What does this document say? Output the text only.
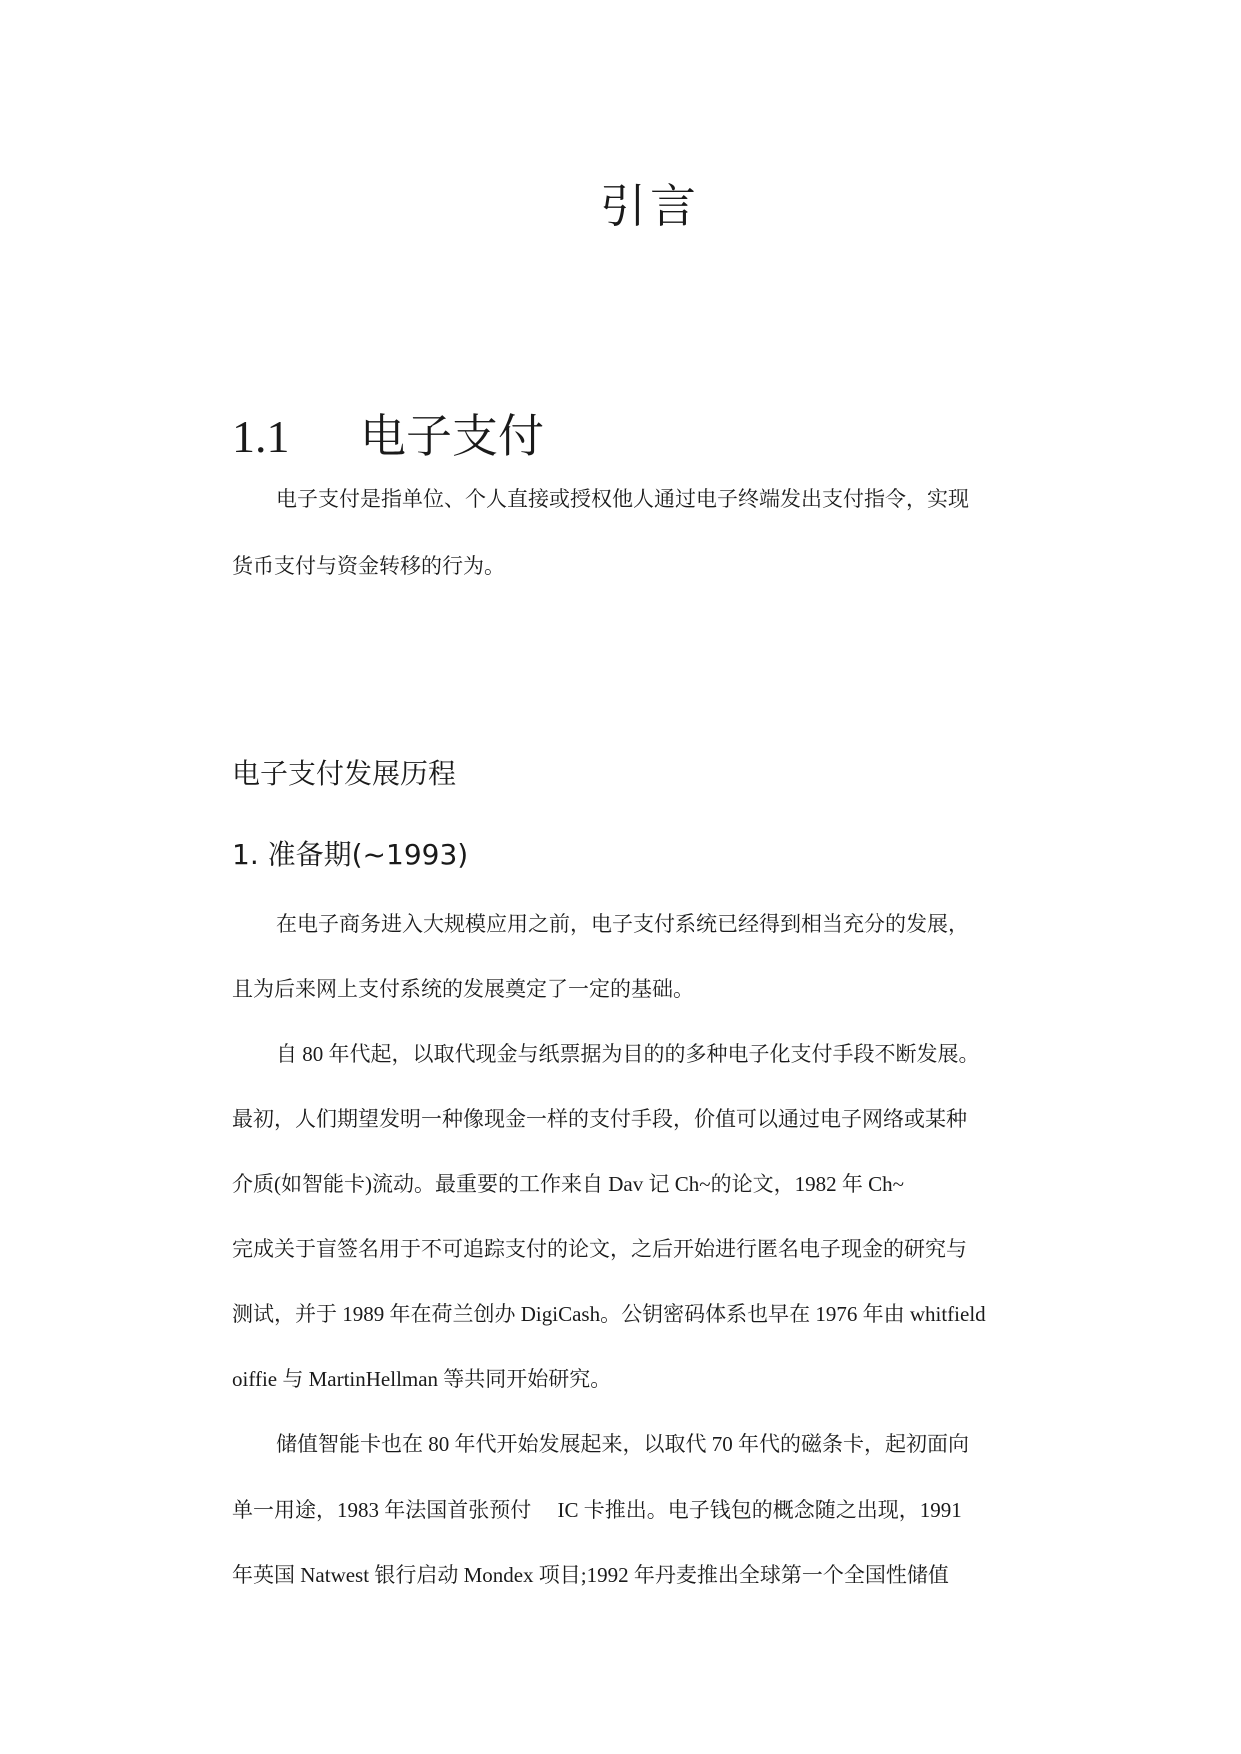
引言
1.1 电子支付
电子支付是指单位、个人直接或授权他人通过电子终端发出支付指令，实现
货币支付与资金转移的行为。
电子支付发展历程
1. 准备期(~1993)
在电子商务进入大规模应用之前，电子支付系统已经得到相当充分的发展，
且为后来网上支付系统的发展奠定了一定的基础。
自 80 年代起，以取代现金与纸票据为目的的多种电子化支付手段不断发展。
最初，人们期望发明一种像现金一样的支付手段，价值可以通过电子网络或某种
介质(如智能卡)流动。最重要的工作来自 Dav 记 Ch~的论文，1982 年 Ch~
完成关于盲签名用于不可追踪支付的论文，之后开始进行匿名电子现金的研究与
测试，并于 1989 年在荷兰创办 DigiCash。公钥密码体系也早在 1976 年由 whitfield
oiffie 与 MartinHellman 等共同开始研究。
储值智能卡也在 80 年代开始发展起来，以取代 70 年代的磁条卡，起初面向
单一用途，1983 年法国首张预付　 IC 卡推出。电子钱包的概念随之出现，1991
年英国 Natwest 银行启动 Mondex 项目;1992 年丹麦推出全球第一个全国性储值
